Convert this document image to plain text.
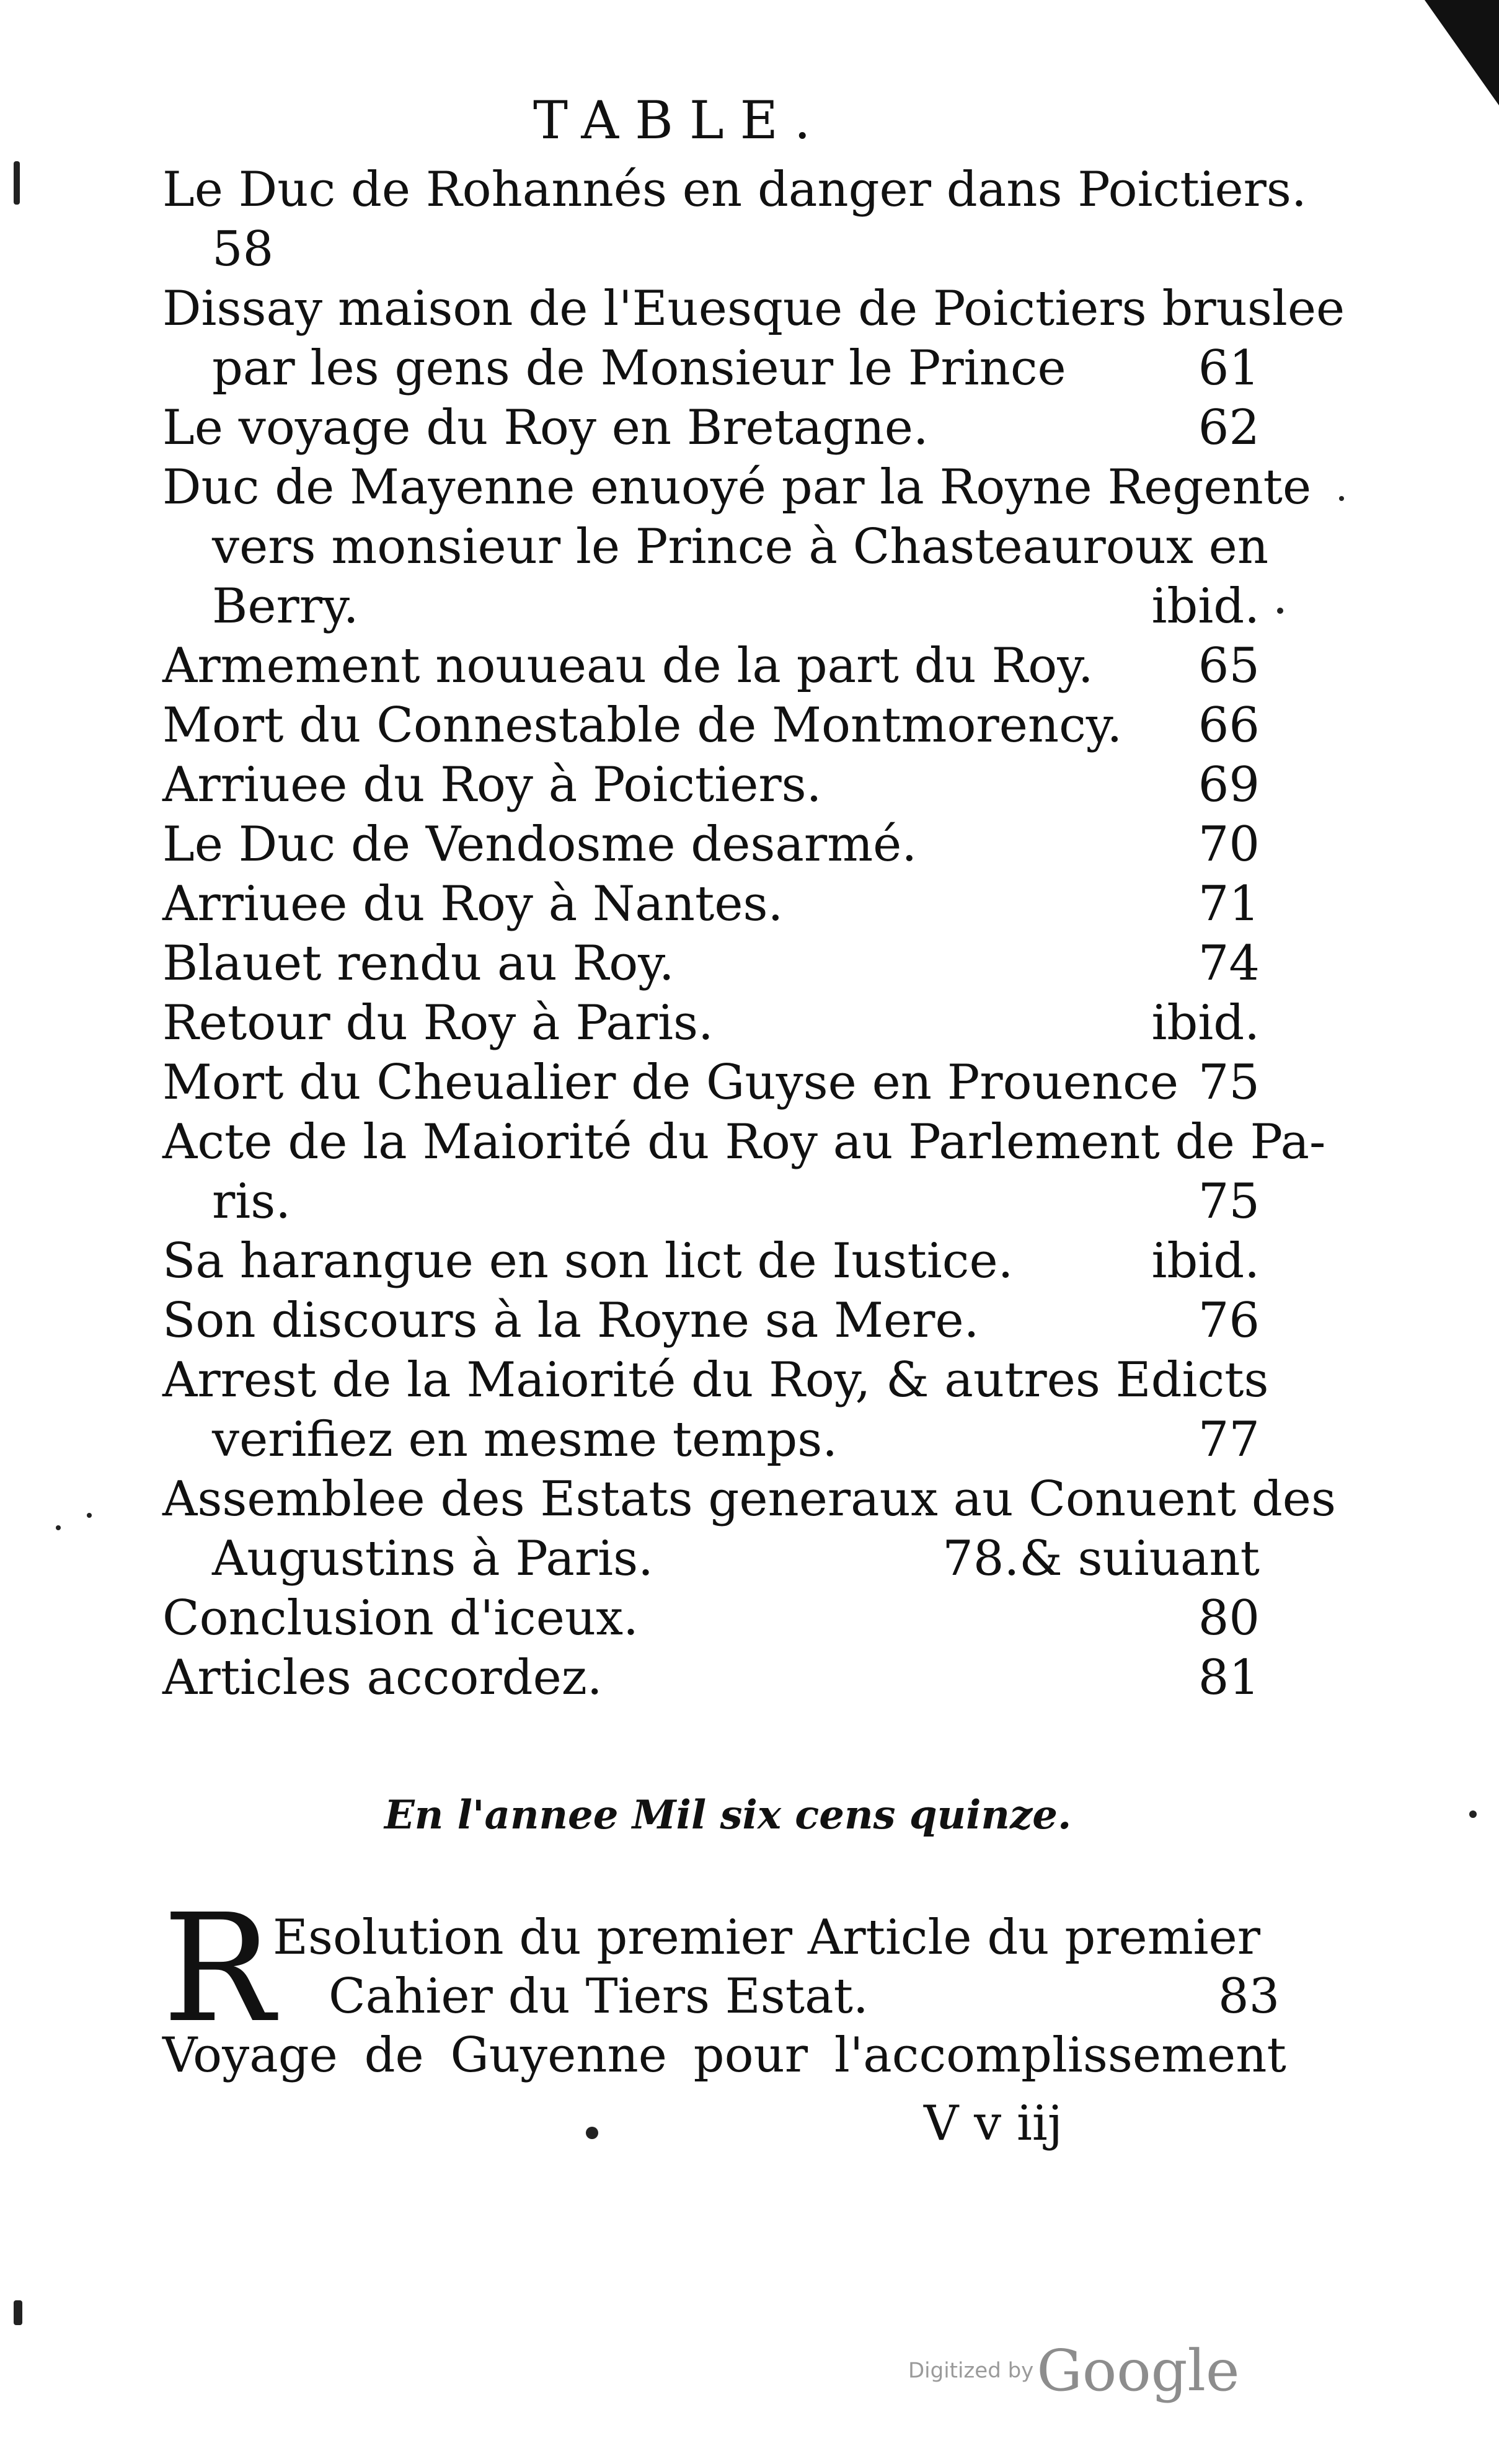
TABLE.
Le Duc de Rohannés en danger dans Poictiers.
58
Dissay maison de l'Euesque de Poictiers bruslee
par les gens de Monsieur le Prince	61
Le voyage du Roy en Bretagne.	62
Duc de Mayenne enuoyé par la Royne Regente
vers monsieur le Prince à Chasteauroux en
Berry.	ibid.
Armement nouueau de la part du Roy. 65
Mort du Connestable de Montmorency. 66
Arriuee du Roy à Poictiers.	69
Le Duc de Vendosme desarmé.	70
Arriuee du Roy à Nantes.	71
Blauet rendu au Roy.	74
Retour du Roy à Paris.	ibid.
Mort du Cheualier de Guyse en Prouence 75
Acte de la Maiorité du Roy au Parlement de Pa-
ris.	75
Sa harangue en son lict de Iustice.	ibid.
Son discours à la Royne sa Mere.	76
Arrest de la Maiorité du Roy, & autres Edicts
verifiez en mesme temps.	77
Assemblee des Estats generaux au Conuent des
Augustins à Paris.	78.& suiuant
Conclusion d'iceux.	80
Articles accordez.	81
En l'annee Mil six cens quinze.
R
Esolution du premier Article du premier
Cahier du Tiers Estat.	83
Voyage de Guyenne pour l'accomplissement
V v iij
Digitized by Google
